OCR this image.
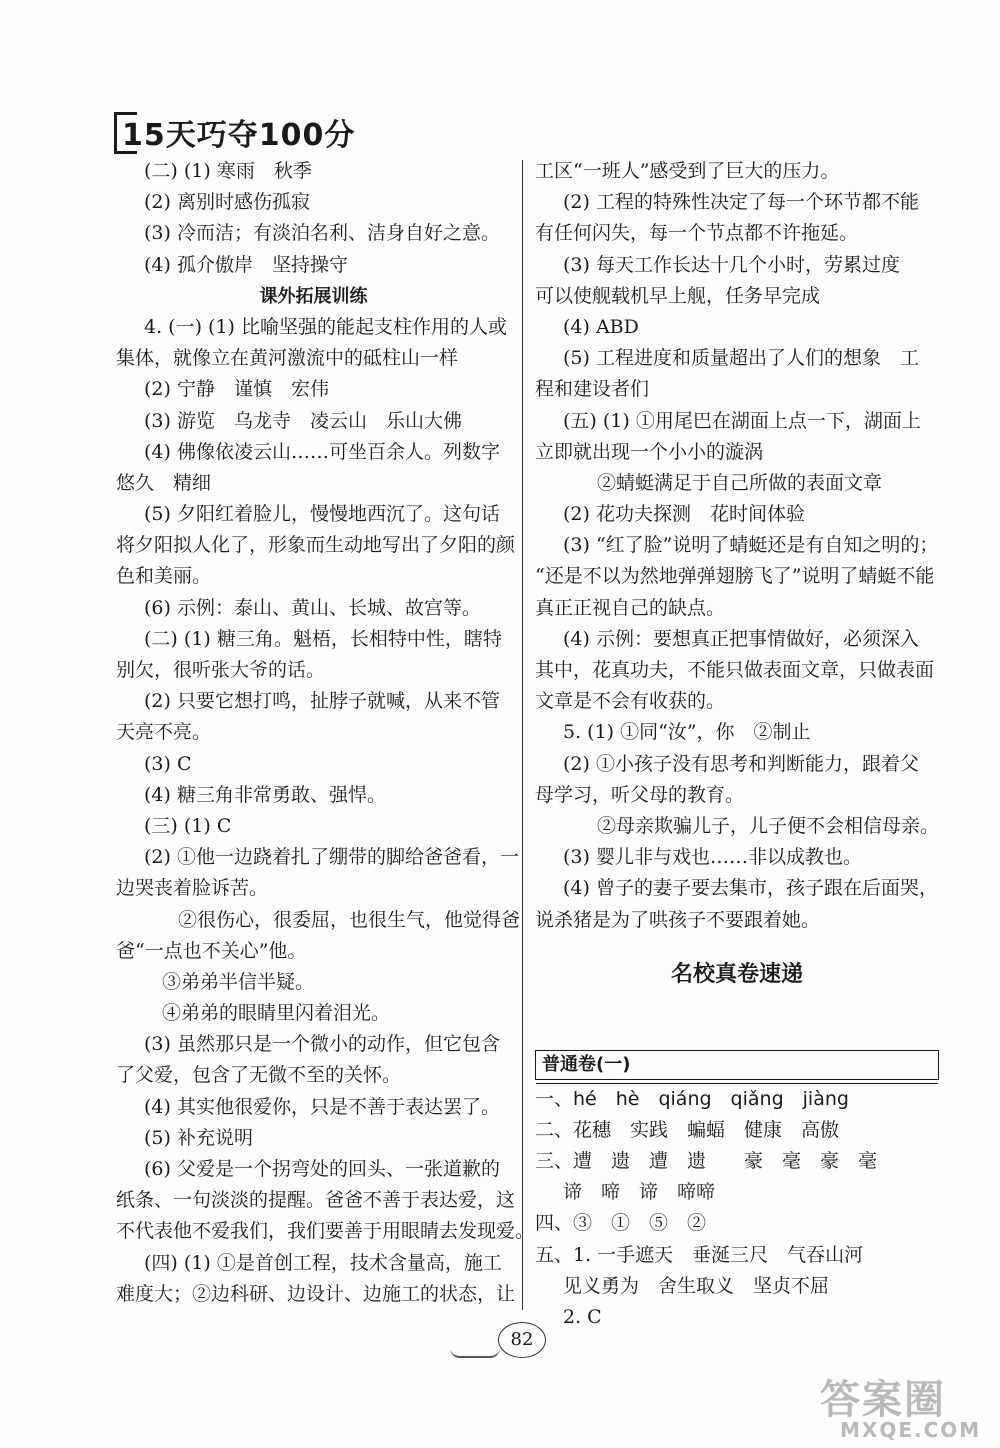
15天巧夺100分
(二) (1) 寒雨　秋季
(2) 离别时感伤孤寂
(3) 冷而洁；有淡泊名利、洁身自好之意。
(4) 孤介傲岸　坚持操守
课外拓展训练
4. (一) (1) 比喻坚强的能起支柱作用的人或
集体，就像立在黄河激流中的砥柱山一样
(2) 宁静　谨慎　宏伟
(3) 游览　乌龙寺　凌云山　乐山大佛
(4) 佛像依凌云山……可坐百余人。列数字
悠久　精细
(5) 夕阳红着脸儿，慢慢地西沉了。这句话
将夕阳拟人化了，形象而生动地写出了夕阳的颜
色和美丽。
(6) 示例：泰山、黄山、长城、故宫等。
(二) (1) 糖三角。魁梧，长相特中性，瞎特
别欠，很听张大爷的话。
(2) 只要它想打鸣，扯脖子就喊，从来不管
天亮不亮。
(3) C
(4) 糖三角非常勇敢、强悍。
(三) (1) C
(2) ①他一边跷着扎了绷带的脚给爸爸看，一
边哭丧着脸诉苦。
②很伤心，很委屈，也很生气，他觉得爸
爸“一点也不关心”他。
③弟弟半信半疑。
④弟弟的眼睛里闪着泪光。
(3) 虽然那只是一个微小的动作，但它包含
了父爱，包含了无微不至的关怀。
(4) 其实他很爱你，只是不善于表达罢了。
(5) 补充说明
(6) 父爱是一个拐弯处的回头、一张道歉的
纸条、一句淡淡的提醒。爸爸不善于表达爱，这
不代表他不爱我们，我们要善于用眼睛去发现爱。
(四) (1) ①是首创工程，技术含量高，施工
难度大；②边科研、边设计、边施工的状态，让
工区“一班人”感受到了巨大的压力。
(2) 工程的特殊性决定了每一个环节都不能
有任何闪失，每一个节点都不许拖延。
(3) 每天工作长达十几个小时，劳累过度
可以使舰载机早上舰，任务早完成
(4) ABD
(5) 工程进度和质量超出了人们的想象　工
程和建设者们
(五) (1) ①用尾巴在湖面上点一下，湖面上
立即就出现一个小小的漩涡
②蜻蜓满足于自己所做的表面文章
(2) 花功夫探测　花时间体验
(3) “红了脸”说明了蜻蜓还是有自知之明的；
“还是不以为然地弹弹翅膀飞了”说明了蜻蜓不能
真正正视自己的缺点。
(4) 示例：要想真正把事情做好，必须深入
其中，花真功夫，不能只做表面文章，只做表面
文章是不会有收获的。
5. (1) ①同“汝”，你　②制止
(2) ①小孩子没有思考和判断能力，跟着父
母学习，听父母的教育。
②母亲欺骗儿子，儿子便不会相信母亲。
(3) 婴儿非与戏也……非以成教也。
(4) 曾子的妻子要去集市，孩子跟在后面哭，
说杀猪是为了哄孩子不要跟着她。
名校真卷速递
普通卷(一)
一、hé　hè　qiáng　qiǎng　jiàng
二、花穗　实践　蝙蝠　健康　高傲
三、遭　遗　遭　遗　　豪　毫　豪　毫
谛　啼　谛　啼啼
四、③　①　⑤　②
五、1. 一手遮天　垂涎三尺　气吞山河
见义勇为　舍生取义　坚贞不屈
2. C
82
答案圈
MXQE.COM
